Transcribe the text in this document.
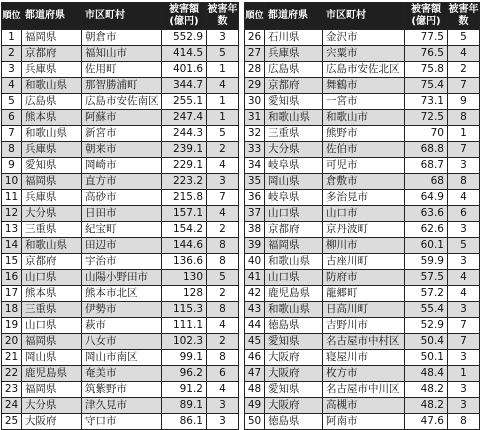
順位	都道府県	市区町村	被害額(億円)	被害年数
1	福岡県	朝倉市	552.9	3
2	京都府	福知山市	414.5	5
3	兵庫県	佐用町	401.6	1
4	和歌山県	那智勝浦町	344.7	4
5	広島県	広島市安佐南区	255.1	1
6	熊本県	阿蘇市	247.4	1
7	和歌山県	新宮市	244.3	5
8	兵庫県	朝来市	239.1	2
9	愛知県	岡崎市	229.1	4
10	福岡県	直方市	223.2	3
11	兵庫県	高砂市	215.8	7
12	大分県	日田市	157.1	4
13	三重県	紀宝町	154.2	2
14	和歌山県	田辺市	144.6	8
15	京都府	宇治市	136.6	8
16	山口県	山陽小野田市	130	5
17	熊本県	熊本市北区	128	2
18	三重県	伊勢市	115.3	8
19	山口県	萩市	111.1	4
20	福岡県	八女市	102.3	2
21	岡山県	岡山市南区	99.1	8
22	鹿児島県	奄美市	96.2	6
23	福岡県	筑紫野市	91.2	4
24	大分県	津久見市	89.1	3
25	大阪府	守口市	86.1	3
順位	都道府県	市区町村	被害額(億円)	被害年数
26	石川県	金沢市	77.5	5
27	兵庫県	宍粟市	76.5	4
28	広島県	広島市安佐北区	75.8	2
29	京都府	舞鶴市	75.4	7
30	愛知県	一宮市	73.1	9
31	和歌山県	和歌山市	72.5	8
32	三重県	熊野市	70	1
33	大分県	佐伯市	68.8	7
34	岐阜県	可児市	68.7	3
35	岡山県	倉敷市	68	8
36	岐阜県	多治見市	64.9	4
37	山口県	山口市	63.6	6
38	京都府	京丹波町	62.6	3
39	福岡県	柳川市	60.1	5
40	和歌山県	古座川町	59.9	3
41	山口県	防府市	57.5	4
42	鹿児島県	龍郷町	57.2	4
43	和歌山県	日高川町	55.4	3
44	徳島県	吉野川市	52.9	7
45	愛知県	名古屋市中村区	50.4	7
46	大阪府	寝屋川市	50.1	3
47	大阪府	枚方市	48.4	1
48	愛知県	名古屋市中川区	48.2	3
49	大阪府	高槻市	48.2	3
50	徳島県	阿南市	47.6	8
